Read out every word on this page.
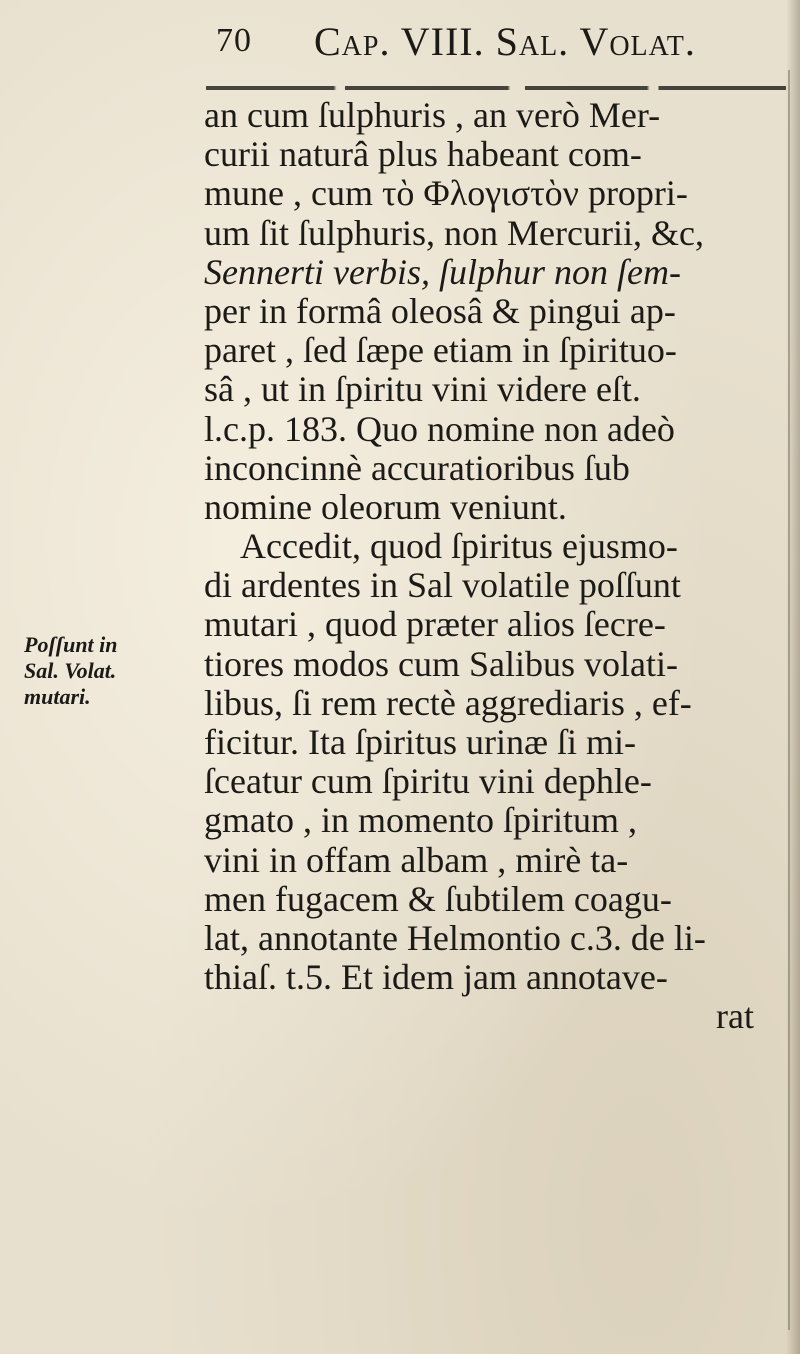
70 Cap. VIII. Sal. Volat.
Poſſunt in
Sal. Volat.
mutari.
an cum ſulphuris , an verò Mer-
curii naturâ plus habeant com-
mune , cum τὸ Φλογιστὸν propri-
um ſit ſulphuris, non Mercurii, &c,
Sennerti verbis, ſulphur non ſem-
per in formâ oleosâ & pingui ap-
paret , ſed ſæpe etiam in ſpirituo-
sâ , ut in ſpiritu vini videre eſt.
l.c.p. 183. Quo nomine non adeò
inconcinnè accuratioribus ſub
nomine oleorum veniunt.
Accedit, quod ſpiritus ejusmo-
di ardentes in Sal volatile poſſunt
mutari , quod præter alios ſecre-
tiores modos cum Salibus volati-
libus, ſi rem rectè aggrediaris , ef-
ficitur. Ita ſpiritus urinæ ſi mi-
ſceatur cum ſpiritu vini dephle-
gmato , in momento ſpiritum ,
vini in offam albam , mirè ta-
men fugacem & ſubtilem coagu-
lat, annotante Helmontio c.3. de li-
thiaſ. t.5. Et idem jam annotave-
rat
